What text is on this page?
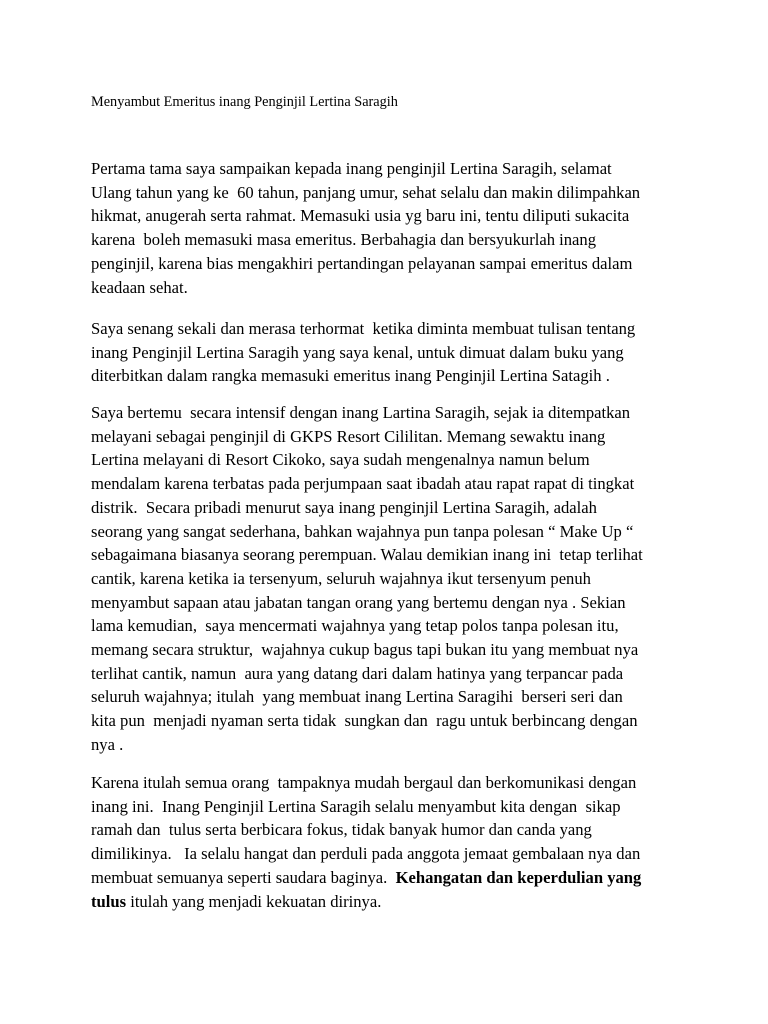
Menyambut Emeritus inang Penginjil Lertina Saragih

Pertama tama saya sampaikan kepada inang penginjil Lertina Saragih, selamat
Ulang tahun yang ke  60 tahun, panjang umur, sehat selalu dan makin dilimpahkan
hikmat, anugerah serta rahmat. Memasuki usia yg baru ini, tentu diliputi sukacita
karena  boleh memasuki masa emeritus. Berbahagia dan bersyukurlah inang
penginjil, karena bias mengakhiri pertandingan pelayanan sampai emeritus dalam
keadaan sehat.

Saya senang sekali dan merasa terhormat  ketika diminta membuat tulisan tentang
inang Penginjil Lertina Saragih yang saya kenal, untuk dimuat dalam buku yang
diterbitkan dalam rangka memasuki emeritus inang Penginjil Lertina Satagih .

Saya bertemu  secara intensif dengan inang Lartina Saragih, sejak ia ditempatkan
melayani sebagai penginjil di GKPS Resort Cililitan. Memang sewaktu inang
Lertina melayani di Resort Cikoko, saya sudah mengenalnya namun belum
mendalam karena terbatas pada perjumpaan saat ibadah atau rapat rapat di tingkat
distrik.  Secara pribadi menurut saya inang penginjil Lertina Saragih, adalah
seorang yang sangat sederhana, bahkan wajahnya pun tanpa polesan “ Make Up “
sebagaimana biasanya seorang perempuan. Walau demikian inang ini  tetap terlihat
cantik, karena ketika ia tersenyum, seluruh wajahnya ikut tersenyum penuh
menyambut sapaan atau jabatan tangan orang yang bertemu dengan nya . Sekian
lama kemudian,  saya mencermati wajahnya yang tetap polos tanpa polesan itu,
memang secara struktur,  wajahnya cukup bagus tapi bukan itu yang membuat nya
terlihat cantik, namun  aura yang datang dari dalam hatinya yang terpancar pada
seluruh wajahnya; itulah  yang membuat inang Lertina Saragihi  berseri seri dan
kita pun  menjadi nyaman serta tidak  sungkan dan  ragu untuk berbincang dengan
nya .

Karena itulah semua orang  tampaknya mudah bergaul dan berkomunikasi dengan
inang ini.  Inang Penginjil Lertina Saragih selalu menyambut kita dengan  sikap
ramah dan  tulus serta berbicara fokus, tidak banyak humor dan canda yang
dimilikinya.   Ia selalu hangat dan perduli pada anggota jemaat gembalaan nya dan
membuat semuanya seperti saudara baginya.  Kehangatan dan keperdulian yang
tulus itulah yang menjadi kekuatan dirinya.
